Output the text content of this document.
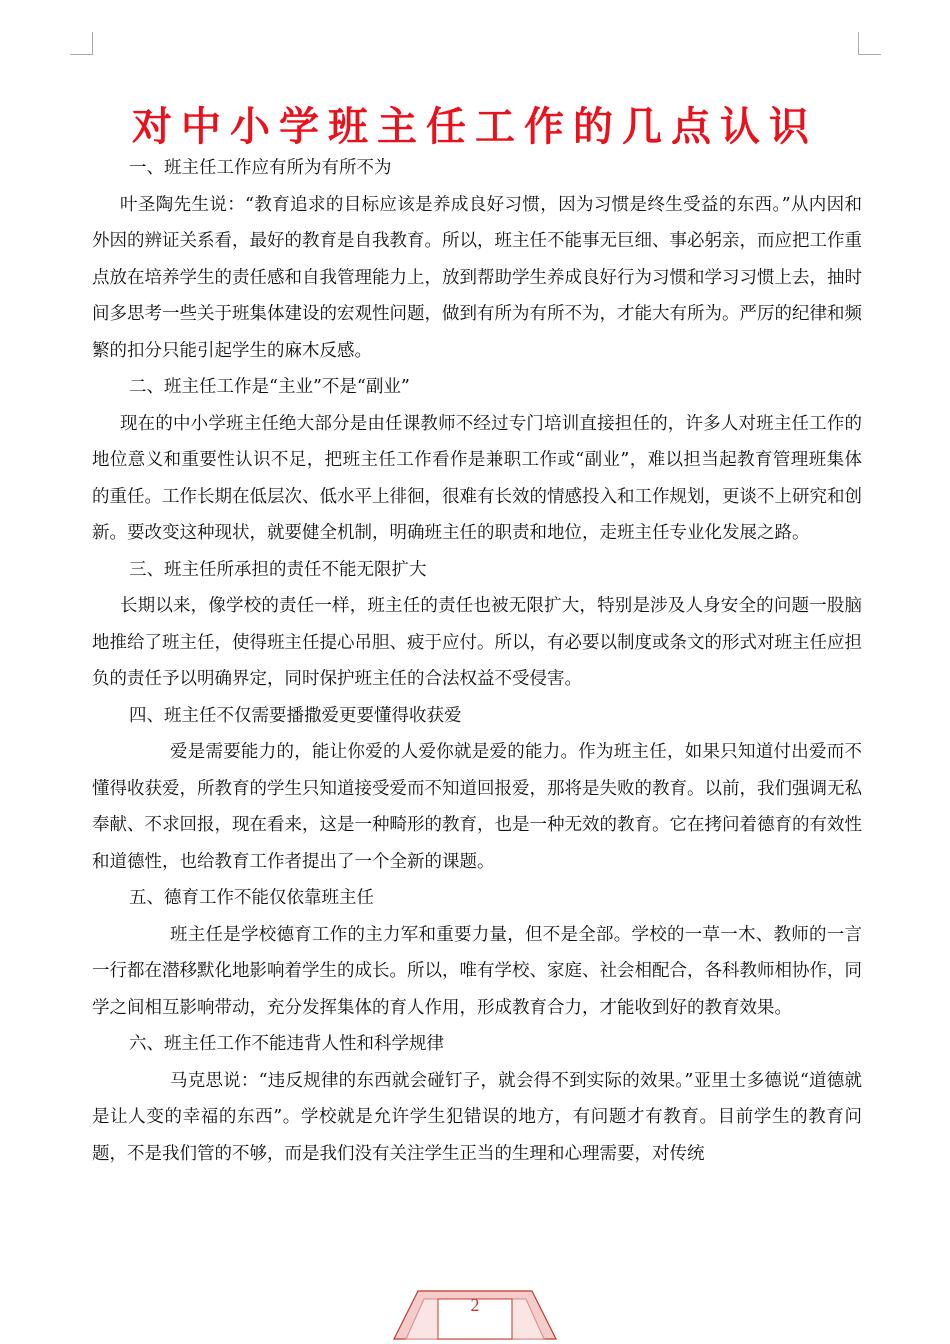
对中小学班主任工作的几点认识

一、班主任工作应有所为有所不为

叶圣陶先生说：“教育追求的目标应该是养成良好习惯，因为习惯是终生受益的东西。”从内因和外因的辨证关系看，最好的教育是自我教育。所以，班主任不能事无巨细、事必躬亲，而应把工作重点放在培养学生的责任感和自我管理能力上，放到帮助学生养成良好行为习惯和学习习惯上去，抽时间多思考一些关于班集体建设的宏观性问题，做到有所为有所不为，才能大有所为。严厉的纪律和频繁的扣分只能引起学生的麻木反感。

二、班主任工作是“主业”不是“副业”

现在的中小学班主任绝大部分是由任课教师不经过专门培训直接担任的，许多人对班主任工作的地位意义和重要性认识不足，把班主任工作看作是兼职工作或“副业”，难以担当起教育管理班集体的重任。工作长期在低层次、低水平上徘徊，很难有长效的情感投入和工作规划，更谈不上研究和创新。要改变这种现状，就要健全机制，明确班主任的职责和地位，走班主任专业化发展之路。

三、班主任所承担的责任不能无限扩大

长期以来，像学校的责任一样，班主任的责任也被无限扩大，特别是涉及人身安全的问题一股脑地推给了班主任，使得班主任提心吊胆、疲于应付。所以，有必要以制度或条文的形式对班主任应担负的责任予以明确界定，同时保护班主任的合法权益不受侵害。

四、班主任不仅需要播撒爱更要懂得收获爱

爱是需要能力的，能让你爱的人爱你就是爱的能力。作为班主任，如果只知道付出爱而不懂得收获爱，所教育的学生只知道接受爱而不知道回报爱，那将是失败的教育。以前，我们强调无私奉献、不求回报，现在看来，这是一种畸形的教育，也是一种无效的教育。它在拷问着德育的有效性和道德性，也给教育工作者提出了一个全新的课题。

五、德育工作不能仅依靠班主任

班主任是学校德育工作的主力军和重要力量，但不是全部。学校的一草一木、教师的一言一行都在潜移默化地影响着学生的成长。所以，唯有学校、家庭、社会相配合，各科教师相协作，同学之间相互影响带动，充分发挥集体的育人作用，形成教育合力，才能收到好的教育效果。

六、班主任工作不能违背人性和科学规律

马克思说：“违反规律的东西就会碰钉子，就会得不到实际的效果。”亚里士多德说“道德就是让人变的幸福的东西”。学校就是允许学生犯错误的地方，有问题才有教育。目前学生的教育问题，不是我们管的不够，而是我们没有关注学生正当的生理和心理需要，对传统

2
